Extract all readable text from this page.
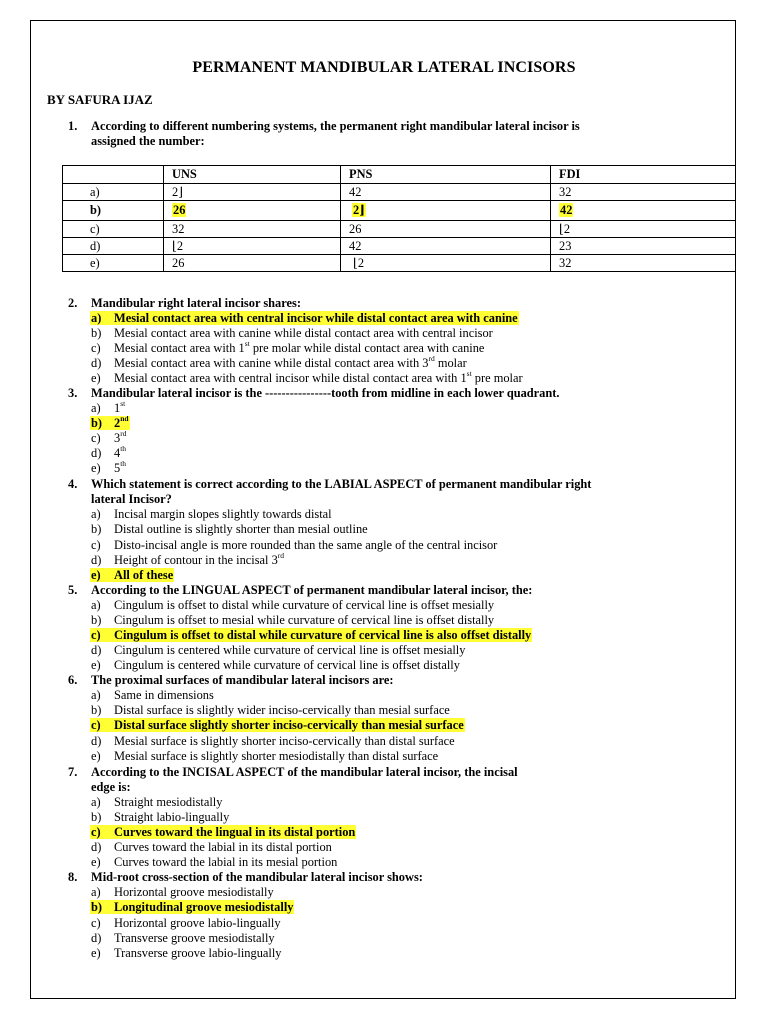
PERMANENT MANDIBULAR LATERAL INCISORS
BY SAFURA IJAZ
1. According to different numbering systems, the permanent right mandibular lateral incisor is
assigned the number:
	UNS	PNS	FDI
a)	2⌋	42	32
b)	26	2⌋	42
c)	32	26	⌊2
d)	⌊2	42	23
e)	26	⌊2	32
2. Mandibular right lateral incisor shares:
a) Mesial contact area with central incisor while distal contact area with canine
b) Mesial contact area with canine while distal contact area with central incisor
c) Mesial contact area with 1st pre molar while distal contact area with canine
d) Mesial contact area with canine while distal contact area with 3rd molar
e) Mesial contact area with central incisor while distal contact area with 1st pre molar
3. Mandibular lateral incisor is the ----------------tooth from midline in each lower quadrant.
a) 1st
b) 2nd
c) 3rd
d) 4th
e) 5th
4. Which statement is correct according to the LABIAL ASPECT of permanent mandibular right
lateral Incisor?
a) Incisal margin slopes slightly towards distal
b) Distal outline is slightly shorter than mesial outline
c) Disto-incisal angle is more rounded than the same angle of the central incisor
d) Height of contour in the incisal 3rd
e) All of these
5. According to the LINGUAL ASPECT of permanent mandibular lateral incisor, the:
a) Cingulum is offset to distal while curvature of cervical line is offset mesially
b) Cingulum is offset to mesial while curvature of cervical line is offset distally
c) Cingulum is offset to distal while curvature of cervical line is also offset distally
d) Cingulum is centered while curvature of cervical line is offset mesially
e) Cingulum is centered while curvature of cervical line is offset distally
6. The proximal surfaces of mandibular lateral incisors are:
a) Same in dimensions
b) Distal surface is slightly wider inciso-cervically than mesial surface
c) Distal surface slightly shorter inciso-cervically than mesial surface
d) Mesial surface is slightly shorter inciso-cervically than distal surface
e) Mesial surface is slightly shorter mesiodistally than distal surface
7. According to the INCISAL ASPECT of the mandibular lateral incisor, the incisal
edge is:
a) Straight mesiodistally
b) Straight labio-lingually
c) Curves toward the lingual in its distal portion
d) Curves toward the labial in its distal portion
e) Curves toward the labial in its mesial portion
8. Mid-root cross-section of the mandibular lateral incisor shows:
a) Horizontal groove mesiodistally
b) Longitudinal groove mesiodistally
c) Horizontal groove labio-lingually
d) Transverse groove mesiodistally
e) Transverse groove labio-lingually
